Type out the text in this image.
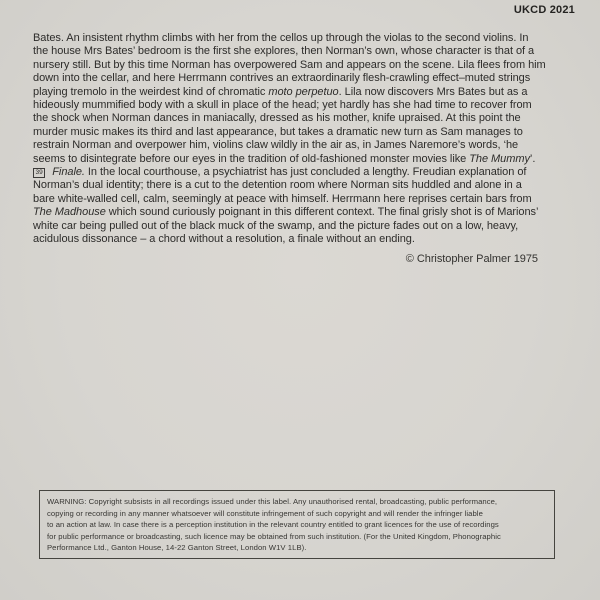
UKCD 2021

Bates. An insistent rhythm climbs with her from the cellos up through the violas to the second violins. In the house Mrs Bates’ bedroom is the first she explores, then Norman’s own, whose character is that of a nursery still. But by this time Norman has overpowered Sam and appears on the scene. Lila flees from him down into the cellar, and here Herrmann contrives an extraordinarily flesh-crawling effect–muted strings playing tremolo in the weirdest kind of chromatic moto perpetuo. Lila now discovers Mrs Bates but as a hideously mummified body with a skull in place of the head; yet hardly has she had time to recover from the shock when Norman dances in maniacally, dressed as his mother, knife upraised. At this point the murder music makes its third and last appearance, but takes a dramatic new turn as Sam manages to restrain Norman and overpower him, violins claw wildly in the air as, in James Naremore’s words, ‘he seems to disintegrate before our eyes in the tradition of old-fashioned monster movies like The Mummy’.

39 Finale. In the local courthouse, a psychiatrist has just concluded a lengthy. Freudian explanation of Norman’s dual identity; there is a cut to the detention room where Norman sits huddled and alone in a bare white-walled cell, calm, seemingly at peace with himself. Herrmann here reprises certain bars from The Madhouse which sound curiously poignant in this different context. The final grisly shot is of Marions’ white car being pulled out of the black muck of the swamp, and the picture fades out on a low, heavy, acidulous dissonance – a chord without a resolution, a finale without an ending.

© Christopher Palmer 1975
WARNING: Copyright subsists in all recordings issued under this label. Any unauthorised rental, broadcasting, public performance,
copying or recording in any manner whatsoever will constitute infringement of such copyright and will render the infringer liable
to an action at law. In case there is a perception institution in the relevant country entitled to grant licences for the use of recordings
for public performance or broadcasting, such licence may be obtained from such institution. (For the United Kingdom, Phonographic
Performance Ltd., Ganton House, 14-22 Ganton Street, London W1V 1LB).
